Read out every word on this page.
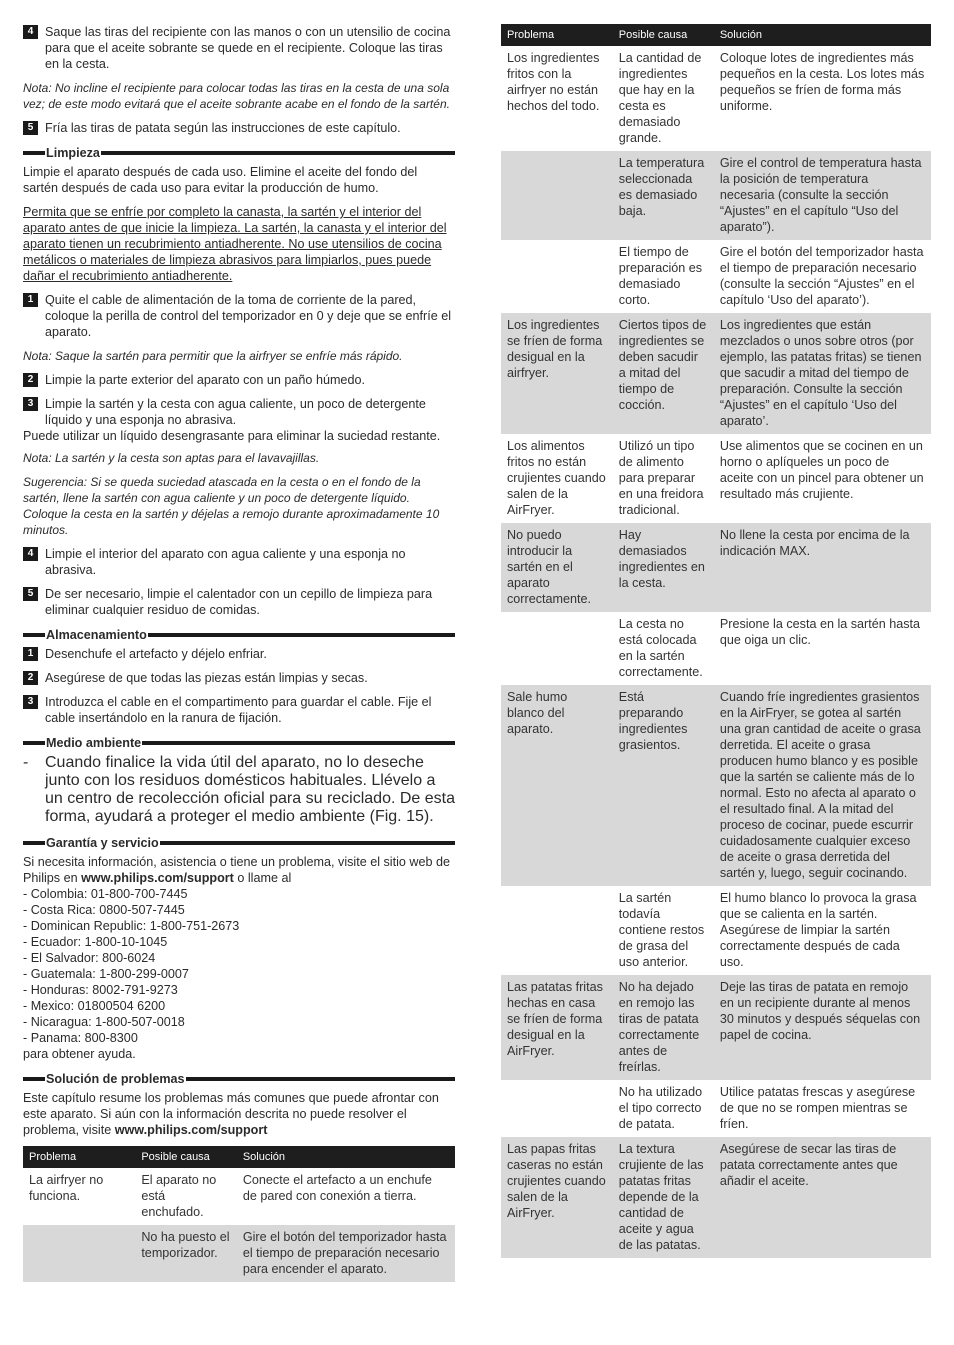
4 Saque las tiras del recipiente con las manos o con un utensilio de cocina para que el aceite sobrante se quede en el recipiente. Coloque las tiras en la cesta.

Nota: No incline el recipiente para colocar todas las tiras en la cesta de una sola vez; de este modo evitará que el aceite sobrante acabe en el fondo de la sartén.

5 Fría las tiras de patata según las instrucciones de este capítulo.
Limpieza

Limpie el aparato después de cada uso. Elimine el aceite del fondo del sartén después de cada uso para evitar la producción de humo.

Permita que se enfríe por completo la canasta, la sartén y el interior del aparato antes de que inicie la limpieza. La sartén, la canasta y el interior del aparato tienen un recubrimiento antiadherente. No use utensilios de cocina metálicos o materiales de limpieza abrasivos para limpiarlos, pues puede dañar el recubrimiento antiadherente.

1 Quite el cable de alimentación de la toma de corriente de la pared, coloque la perilla de control del temporizador en 0 y deje que se enfríe el aparato.

Nota: Saque la sartén para permitir que la airfryer se enfríe más rápido.

2 Limpie la parte exterior del aparato con un paño húmedo.
3 Limpie la sartén y la cesta con agua caliente, un poco de detergente líquido y una esponja no abrasiva.

Puede utilizar un líquido desengrasante para eliminar la suciedad restante.

Nota: La sartén y la cesta son aptas para el lavavajillas.

Sugerencia: Si se queda suciedad atascada en la cesta o en el fondo de la sartén, llene la sartén con agua caliente y un poco de detergente líquido. Coloque la cesta en la sartén y déjelas a remojo durante aproximadamente 10 minutos.

4 Limpie el interior del aparato con agua caliente y una esponja no abrasiva.
5 De ser necesario, limpie el calentador con un cepillo de limpieza para eliminar cualquier residuo de comidas.
Almacenamiento
1 Desenchufe el artefacto y déjelo enfriar.
2 Asegúrese de que todas las piezas están limpias y secas.
3 Introduzca el cable en el compartimento para guardar el cable. Fije el cable insertándolo en la ranura de fijación.
Medio ambiente
- Cuando finalice la vida útil del aparato, no lo deseche junto con los residuos domésticos habituales. Llévelo a un centro de recolección oficial para su reciclado. De esta forma, ayudará a proteger el medio ambiente (Fig. 15).
Garantía y servicio

Si necesita información, asistencia o tiene un problema, visite el sitio web de Philips en www.philips.com/support o llame al

- Colombia: 01-800-700-7445
- Costa Rica: 0800-507-7445
- Dominican Republic: 1-800-751-2673
- Ecuador: 1-800-10-1045
- El Salvador: 800-6024
- Guatemala: 1-800-299-0007
- Honduras: 8002-791-9273
- Mexico: 01800504 6200
- Nicaragua: 1-800-507-0018
- Panama: 800-8300

para obtener ayuda.

Solución de problemas

Este capítulo resume los problemas más comunes que puede afrontar con este aparato. Si aún con la información descrita no puede resolver el problema, visite www.philips.com/support

Problema	Posible causa	Solución
La airfryer no funciona.	El aparato no está enchufado.	Conecte el artefacto a un enchufe de pared con conexión a tierra.
	No ha puesto el temporizador.	Gire el botón del temporizador hasta el tiempo de preparación necesario para encender el aparato.
Problema	Posible causa	Solución
Los ingredientes fritos con la airfryer no están hechos del todo.	La cantidad de ingredientes que hay en la cesta es demasiado grande.	Coloque lotes de ingredientes más pequeños en la cesta. Los lotes más pequeños se fríen de forma más uniforme.
	La temperatura seleccionada es demasiado baja.	Gire el control de temperatura hasta la posición de temperatura necesaria (consulte la sección “Ajustes” en el capítulo “Uso del aparato”).
	El tiempo de preparación es demasiado corto.	Gire el botón del temporizador hasta el tiempo de preparación necesario (consulte la sección “Ajustes” en el capítulo ‘Uso del aparato’).
Los ingredientes se fríen de forma desigual en la airfryer.	Ciertos tipos de ingredientes se deben sacudir a mitad del tiempo de cocción.	Los ingredientes que están mezclados o unos sobre otros (por ejemplo, las patatas fritas) se tienen que sacudir a mitad del tiempo de preparación. Consulte la sección “Ajustes” en el capítulo ‘Uso del aparato’.
Los alimentos fritos no están crujientes cuando salen de la AirFryer.	Utilizó un tipo de alimento para preparar en una freidora tradicional.	Use alimentos que se cocinen en un horno o aplíqueles un poco de aceite con un pincel para obtener un resultado más crujiente.
No puedo introducir la sartén en el aparato correctamente.	Hay demasiados ingredientes en la cesta.	No llene la cesta por encima de la indicación MAX.
	La cesta no está colocada en la sartén correctamente.	Presione la cesta en la sartén hasta que oiga un clic.
Sale humo blanco del aparato.	Está preparando ingredientes grasientos.	Cuando fríe ingredientes grasientos en la AirFryer, se gotea al sartén una gran cantidad de aceite o grasa derretida. El aceite o grasa producen humo blanco y es posible que la sartén se caliente más de lo normal. Esto no afecta al aparato o el resultado final. A la mitad del proceso de cocinar, puede escurrir cuidadosamente cualquier exceso de aceite o grasa derretida del sartén y, luego, seguir cocinando.
	La sartén todavía contiene restos de grasa del uso anterior.	El humo blanco lo provoca la grasa que se calienta en la sartén. Asegúrese de limpiar la sartén correctamente después de cada uso.
Las patatas fritas hechas en casa se fríen de forma desigual en la AirFryer.	No ha dejado en remojo las tiras de patata correctamente antes de freírlas.	Deje las tiras de patata en remojo en un recipiente durante al menos 30 minutos y después séquelas con papel de cocina.
	No ha utilizado el tipo correcto de patata.	Utilice patatas frescas y asegúrese de que no se rompen mientras se fríen.
Las papas fritas caseras no están crujientes cuando salen de la AirFryer.	La textura crujiente de las patatas fritas depende de la cantidad de aceite y agua de las patatas.	Asegúrese de secar las tiras de patata correctamente antes que añadir el aceite.
